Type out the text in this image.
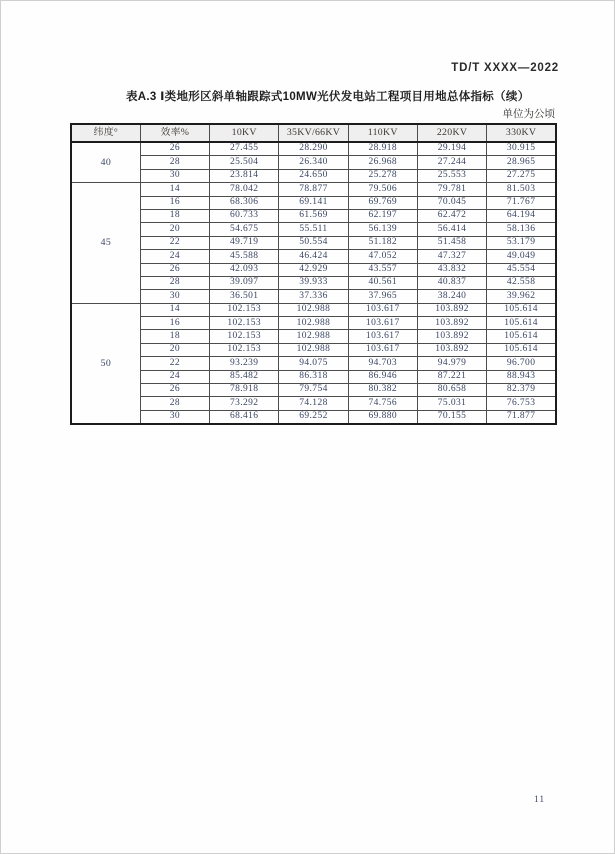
TD/T XXXX—2022
表A.3 Ⅰ类地形区斜单轴跟踪式10MW光伏发电站工程项目用地总体指标（续）
单位为公顷
纬度°	效率%	10KV	35KV/66KV	110KV	220KV	330KV
40	26	27.455	28.290	28.918	29.194	30.915
	28	25.504	26.340	26.968	27.244	28.965
	30	23.814	24.650	25.278	25.553	27.275
45	14	78.042	78.877	79.506	79.781	81.503
	16	68.306	69.141	69.769	70.045	71.767
	18	60.733	61.569	62.197	62.472	64.194
	20	54.675	55.511	56.139	56.414	58.136
	22	49.719	50.554	51.182	51.458	53.179
	24	45.588	46.424	47.052	47.327	49.049
	26	42.093	42.929	43.557	43.832	45.554
	28	39.097	39.933	40.561	40.837	42.558
	30	36.501	37.336	37.965	38.240	39.962
50	14	102.153	102.988	103.617	103.892	105.614
	16	102.153	102.988	103.617	103.892	105.614
	18	102.153	102.988	103.617	103.892	105.614
	20	102.153	102.988	103.617	103.892	105.614
	22	93.239	94.075	94.703	94.979	96.700
	24	85.482	86.318	86.946	87.221	88.943
	26	78.918	79.754	80.382	80.658	82.379
	28	73.292	74.128	74.756	75.031	76.753
	30	68.416	69.252	69.880	70.155	71.877
11
